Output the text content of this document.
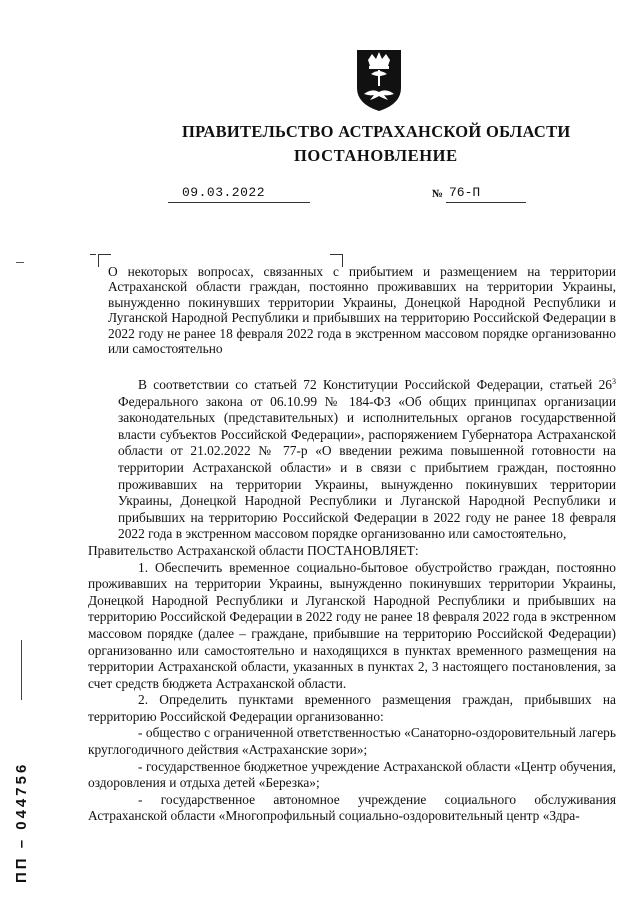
ПРАВИТЕЛЬСТВО АСТРАХАНСКОЙ ОБЛАСТИ
ПОСТАНОВЛЕНИЕ
09.03.2022	№ 76-П
ПП – 044756
О некоторых вопросах, связанных с прибытием и размещением на территории Астраханской области граждан, постоянно проживавших на территории Украины, вынужденно покинувших территории Украины, Донецкой Народной Республики и Луганской Народной Республики и прибывших на территорию Российской Федерации в 2022 году не ранее 18 февраля 2022 года в экстренном массовом порядке организованно или самостоятельно

В соответствии со статьей 72 Конституции Российской Федерации, статьей $26^3$ Федерального закона от 06.10.99 № 184-ФЗ «Об общих принципах организации законодательных (представительных) и исполнительных органов государственной власти субъектов Российской Федерации», распоряжением Губернатора Астраханской области от 21.02.2022 № 77-р «О введении режима повышенной готовности на территории Астраханской области» и в связи с прибытием граждан, постоянно проживавших на территории Украины, вынужденно покинувших территории Украины, Донецкой Народной Республики и Луганской Народной Республики и прибывших на территорию Российской Федерации в 2022 году не ранее 18 февраля 2022 года в экстренном массовом порядке организованно или самостоятельно,

Правительство Астраханской области ПОСТАНОВЛЯЕТ:

1. Обеспечить временное социально-бытовое обустройство граждан, постоянно проживавших на территории Украины, вынужденно покинувших территории Украины, Донецкой Народной Республики и Луганской Народной Республики и прибывших на территорию Российской Федерации в 2022 году не ранее 18 февраля 2022 года в экстренном массовом порядке (далее – граждане, прибывшие на территорию Российской Федерации) организованно или самостоятельно и находящихся в пунктах временного размещения на территории Астраханской области, указанных в пунктах 2, 3 настоящего постановления, за счет средств бюджета Астраханской области.

2. Определить пунктами временного размещения граждан, прибывших на территорию Российской Федерации организованно:

- общество с ограниченной ответственностью «Санаторно-оздоровительный лагерь круглогодичного действия «Астраханские зори»;

- государственное бюджетное учреждение Астраханской области «Центр обучения, оздоровления и отдыха детей «Березка»;

- государственное автономное учреждение социального обслуживания Астраханской области «Многопрофильный социально-оздоровительный центр «Здра-
